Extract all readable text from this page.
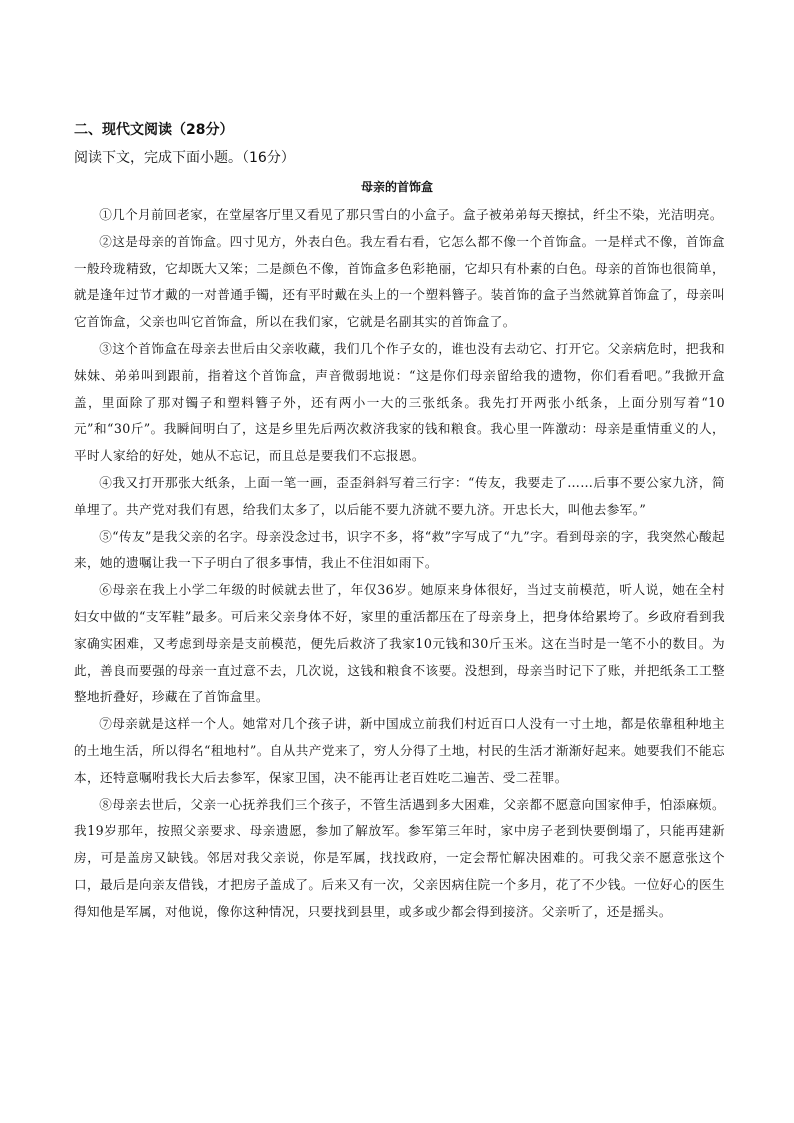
二、现代文阅读（28分）

阅读下文，完成下面小题。（16分）

母亲的首饰盒

①几个月前回老家，在堂屋客厅里又看见了那只雪白的小盒子。盒子被弟弟每天擦拭，纤尘不染，光洁明亮。

②这是母亲的首饰盒。四寸见方，外表白色。我左看右看，它怎么都不像一个首饰盒。一是样式不像，首饰盒一般玲珑精致，它却既大又笨；二是颜色不像，首饰盒多色彩艳丽，它却只有朴素的白色。母亲的首饰也很简单，就是逢年过节才戴的一对普通手镯，还有平时戴在头上的一个塑料簪子。装首饰的盒子当然就算首饰盒了，母亲叫它首饰盒，父亲也叫它首饰盒，所以在我们家，它就是名副其实的首饰盒了。

③这个首饰盒在母亲去世后由父亲收藏，我们几个作子女的，谁也没有去动它、打开它。父亲病危时，把我和妹妹、弟弟叫到跟前，指着这个首饰盒，声音微弱地说：“这是你们母亲留给我的遗物，你们看看吧。”我掀开盒盖，里面除了那对镯子和塑料簪子外，还有两小一大的三张纸条。我先打开两张小纸条，上面分别写着“10元”和“30斤”。我瞬间明白了，这是乡里先后两次救济我家的钱和粮食。我心里一阵激动：母亲是重情重义的人，平时人家给的好处，她从不忘记，而且总是要我们不忘报恩。

④我又打开那张大纸条，上面一笔一画，歪歪斜斜写着三行字：“传友，我要走了……后事不要公家九济，简单埋了。共产党对我们有恩，给我们太多了，以后能不要九济就不要九济。开忠长大，叫他去参军。”

⑤“传友”是我父亲的名字。母亲没念过书，识字不多，将“救”字写成了“九”字。看到母亲的字，我突然心酸起来，她的遗嘱让我一下子明白了很多事情，我止不住泪如雨下。

⑥母亲在我上小学二年级的时候就去世了，年仅36岁。她原来身体很好，当过支前模范，听人说，她在全村妇女中做的“支军鞋”最多。可后来父亲身体不好，家里的重活都压在了母亲身上，把身体给累垮了。乡政府看到我家确实困难，又考虑到母亲是支前模范，便先后救济了我家10元钱和30斤玉米。这在当时是一笔不小的数目。为此，善良而要强的母亲一直过意不去，几次说，这钱和粮食不该要。没想到，母亲当时记下了账，并把纸条工工整整地折叠好，珍藏在了首饰盒里。

⑦母亲就是这样一个人。她常对几个孩子讲，新中国成立前我们村近百口人没有一寸土地，都是依靠租种地主的土地生活，所以得名“租地村”。自从共产党来了，穷人分得了土地，村民的生活才渐渐好起来。她要我们不能忘本，还特意嘱咐我长大后去参军，保家卫国，决不能再让老百姓吃二遍苦、受二茬罪。

⑧母亲去世后，父亲一心抚养我们三个孩子，不管生活遇到多大困难，父亲都不愿意向国家伸手，怕添麻烦。我19岁那年，按照父亲要求、母亲遗愿，参加了解放军。参军第三年时，家中房子老到快要倒塌了，只能再建新房，可是盖房又缺钱。邻居对我父亲说，你是军属，找找政府，一定会帮忙解决困难的。可我父亲不愿意张这个口，最后是向亲友借钱，才把房子盖成了。后来又有一次，父亲因病住院一个多月，花了不少钱。一位好心的医生得知他是军属，对他说，像你这种情况，只要找到县里，或多或少都会得到接济。父亲听了，还是摇头。
